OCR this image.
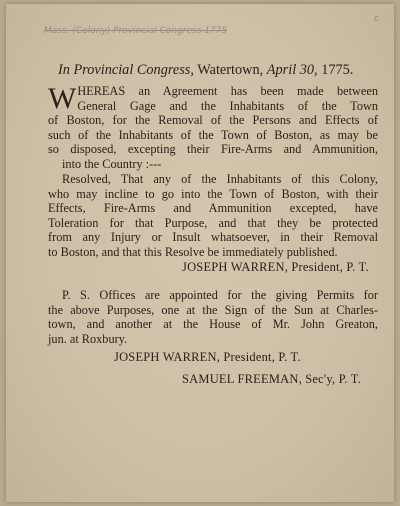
Mass. (Colony) Provincial Congress 1775
c
In Provincial Congress, Watertown, April 30, 1775.
W HEREAS an Agreement has been made between
General Gage and the Inhabitants of the Town
of Boston, for the Removal of the Persons and Effects of
such of the Inhabitants of the Town of Boston, as may be
so disposed, excepting their Fire-Arms and Ammunition,
into the Country :---
Resolved, That any of the Inhabitants of this Colony,
who may incline to go into the Town of Boston, with their
Effects, Fire-Arms and Ammunition excepted, have
Toleration for that Purpose, and that they be protected
from any Injury or Insult whatsoever, in their Removal
to Boston, and that this Resolve be immediately published.
JOSEPH WARREN, President, P. T.
P. S. Offices are appointed for the giving Permits for
the above Purposes, one at the Sign of the Sun at Charles-
town, and another at the House of Mr. John Greaton,
jun. at Roxbury.
JOSEPH WARREN, President, P. T.
SAMUEL FREEMAN, Sec'y, P. T.
